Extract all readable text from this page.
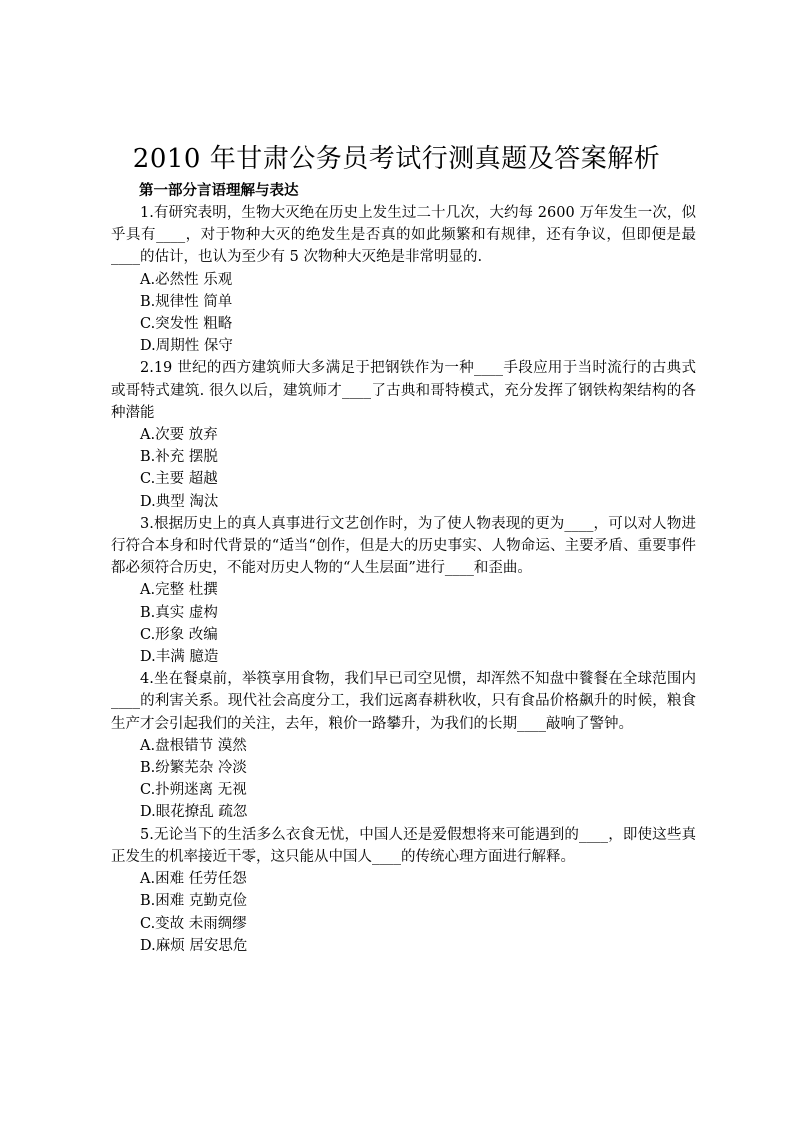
2010 年甘肃公务员考试行测真题及答案解析
第一部分言语理解与表达

1.有研究表明，生物大灭绝在历史上发生过二十几次，大约每 2600 万年发生一次，似乎具有____，对于物种大灭的绝发生是否真的如此频繁和有规律，还有争议，但即便是最____的估计，也认为至少有 5 次物种大灭绝是非常明显的.

A.必然性 乐观
B.规律性 简单
C.突发性 粗略
D.周期性 保守

2.19 世纪的西方建筑师大多满足于把钢铁作为一种____手段应用于当时流行的古典式或哥特式建筑. 很久以后，建筑师才____了古典和哥特模式，充分发挥了钢铁构架结构的各种潜能

A.次要 放弃
B.补充 摆脱
C.主要 超越
D.典型 淘汰

3.根据历史上的真人真事进行文艺创作时，为了使人物表现的更为____，可以对人物进行符合本身和时代背景的“适当“创作，但是大的历史事实、人物命运、主要矛盾、重要事件都必须符合历史，不能对历史人物的“人生层面”进行____和歪曲。

A.完整 杜撰
B.真实 虚构
C.形象 改编
D.丰满 臆造

4.坐在餐桌前，举筷享用食物，我们早已司空见惯，却浑然不知盘中餮餐在全球范围内____的利害关系。现代社会高度分工，我们远离春耕秋收，只有食品价格飙升的时候，粮食生产才会引起我们的关注，去年，粮价一路攀升，为我们的长期____敲响了警钟。

A.盘根错节 漠然
B.纷繁芜杂 冷淡
C.扑朔迷离 无视
D.眼花撩乱 疏忽

5.无论当下的生活多么衣食无忧，中国人还是爱假想将来可能遇到的____，即使这些真正发生的机率接近干零，这只能从中国人____的传统心理方面进行解释。

A.困难 任劳任怨
B.困难 克勤克俭
C.变故 未雨绸缪
D.麻烦 居安思危
